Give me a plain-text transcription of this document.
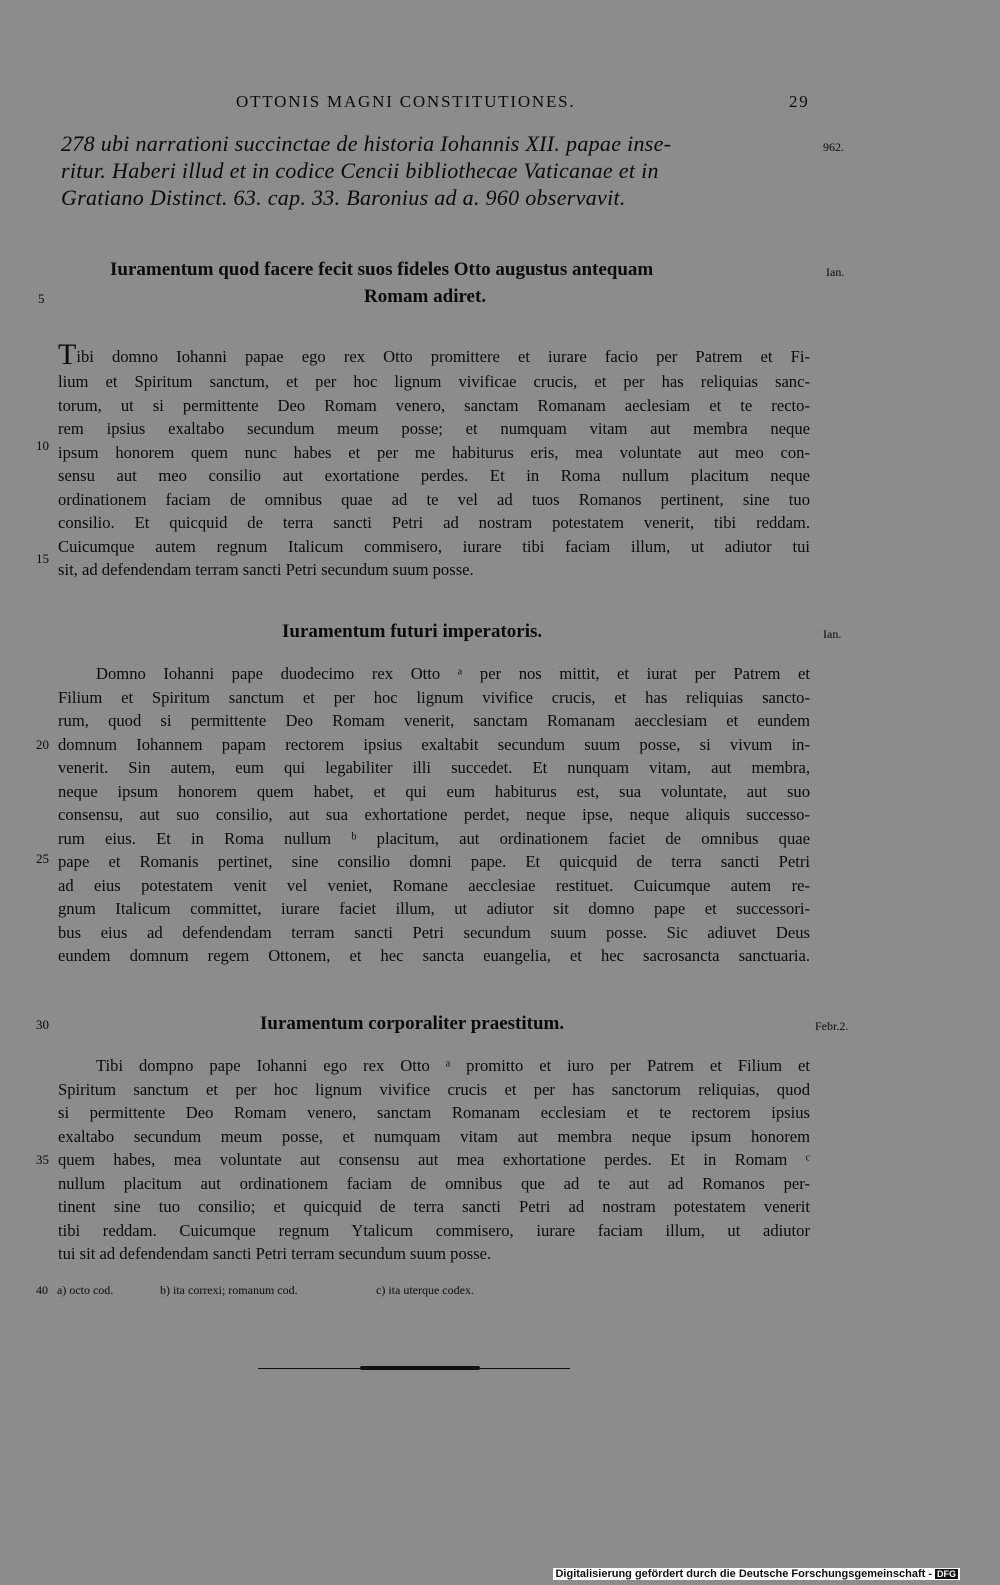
OTTONIS MAGNI CONSTITUTIONES.	29
278 ubi narrationi succinctae de historia Iohannis XII. papae inse-
ritur. Haberi illud et in codice Cencii bibliothecae Vaticanae et in
Gratiano Distinct. 63. cap. 33. Baronius ad a. 960 observavit.
962.
Iuramentum quod facere fecit suos fideles Otto augustus antequam
Romam adiret.
Ian.
5
Tibi domno Iohanni papae ego rex Otto promittere et iurare facio per Patrem et Fi-
lium et Spiritum sanctum, et per hoc lignum vivificae crucis, et per has reliquias sanc-
torum, ut si permittente Deo Romam venero, sanctam Romanam aeclesiam et te recto-
rem ipsius exaltabo secundum meum posse; et numquam vitam aut membra neque
ipsum honorem quem nunc habes et per me habiturus eris, mea voluntate aut meo con-
sensu aut meo consilio aut exortatione perdes. Et in Roma nullum placitum neque
ordinationem faciam de omnibus quae ad te vel ad tuos Romanos pertinent, sine tuo
consilio. Et quicquid de terra sancti Petri ad nostram potestatem venerit, tibi reddam.
Cuicumque autem regnum Italicum commisero, iurare tibi faciam illum, ut adiutor tui
sit, ad defendendam terram sancti Petri secundum suum posse.
10
15
Iuramentum futuri imperatoris.	Ian.
Domno Iohanni pape duodecimo rex Otto ᵃ per nos mittit, et iurat per Patrem et
Filium et Spiritum sanctum et per hoc lignum vivifice crucis, et has reliquias sancto-
rum, quod si permittente Deo Romam venerit, sanctam Romanam aecclesiam et eundem
domnum Iohannem papam rectorem ipsius exaltabit secundum suum posse, si vivum in-
venerit. Sin autem, eum qui legabiliter illi succedet. Et nunquam vitam, aut membra,
neque ipsum honorem quem habet, et qui eum habiturus est, sua voluntate, aut suo
consensu, aut suo consilio, aut sua exhortatione perdet, neque ipse, neque aliquis successo-
rum eius. Et in Roma nullum ᵇ placitum, aut ordinationem faciet de omnibus quae
pape et Romanis pertinet, sine consilio domni pape. Et quicquid de terra sancti Petri
ad eius potestatem venit vel veniet, Romane aecclesiae restituet. Cuicumque autem re-
gnum Italicum committet, iurare faciet illum, ut adiutor sit domno pape et successori-
bus eius ad defendendam terram sancti Petri secundum suum posse. Sic adiuvet Deus
eundem domnum regem Ottonem, et hec sancta euangelia, et hec sacrosancta sanctuaria.
20
25
Iuramentum corporaliter praestitum.	Febr.2.
30
Tibi dompno pape Iohanni ego rex Otto ᵃ promitto et iuro per Patrem et Filium et
Spiritum sanctum et per hoc lignum vivifice crucis et per has sanctorum reliquias, quod
si permittente Deo Romam venero, sanctam Romanam ecclesiam et te rectorem ipsius
exaltabo secundum meum posse, et numquam vitam aut membra neque ipsum honorem
quem habes, mea voluntate aut consensu aut mea exhortatione perdes. Et in Romam ᶜ
nullum placitum aut ordinationem faciam de omnibus que ad te aut ad Romanos per-
tinent sine tuo consilio; et quicquid de terra sancti Petri ad nostram potestatem venerit
tibi reddam. Cuicumque regnum Ytalicum commisero, iurare faciam illum, ut adiutor
tui sit ad defendendam sancti Petri terram secundum suum posse.
35
40 a) octo cod.	b) ita correxi; romanum cod.	c) ita uterque codex.
Digitalisierung gefördert durch die Deutsche Forschungsgemeinschaft - DFG
